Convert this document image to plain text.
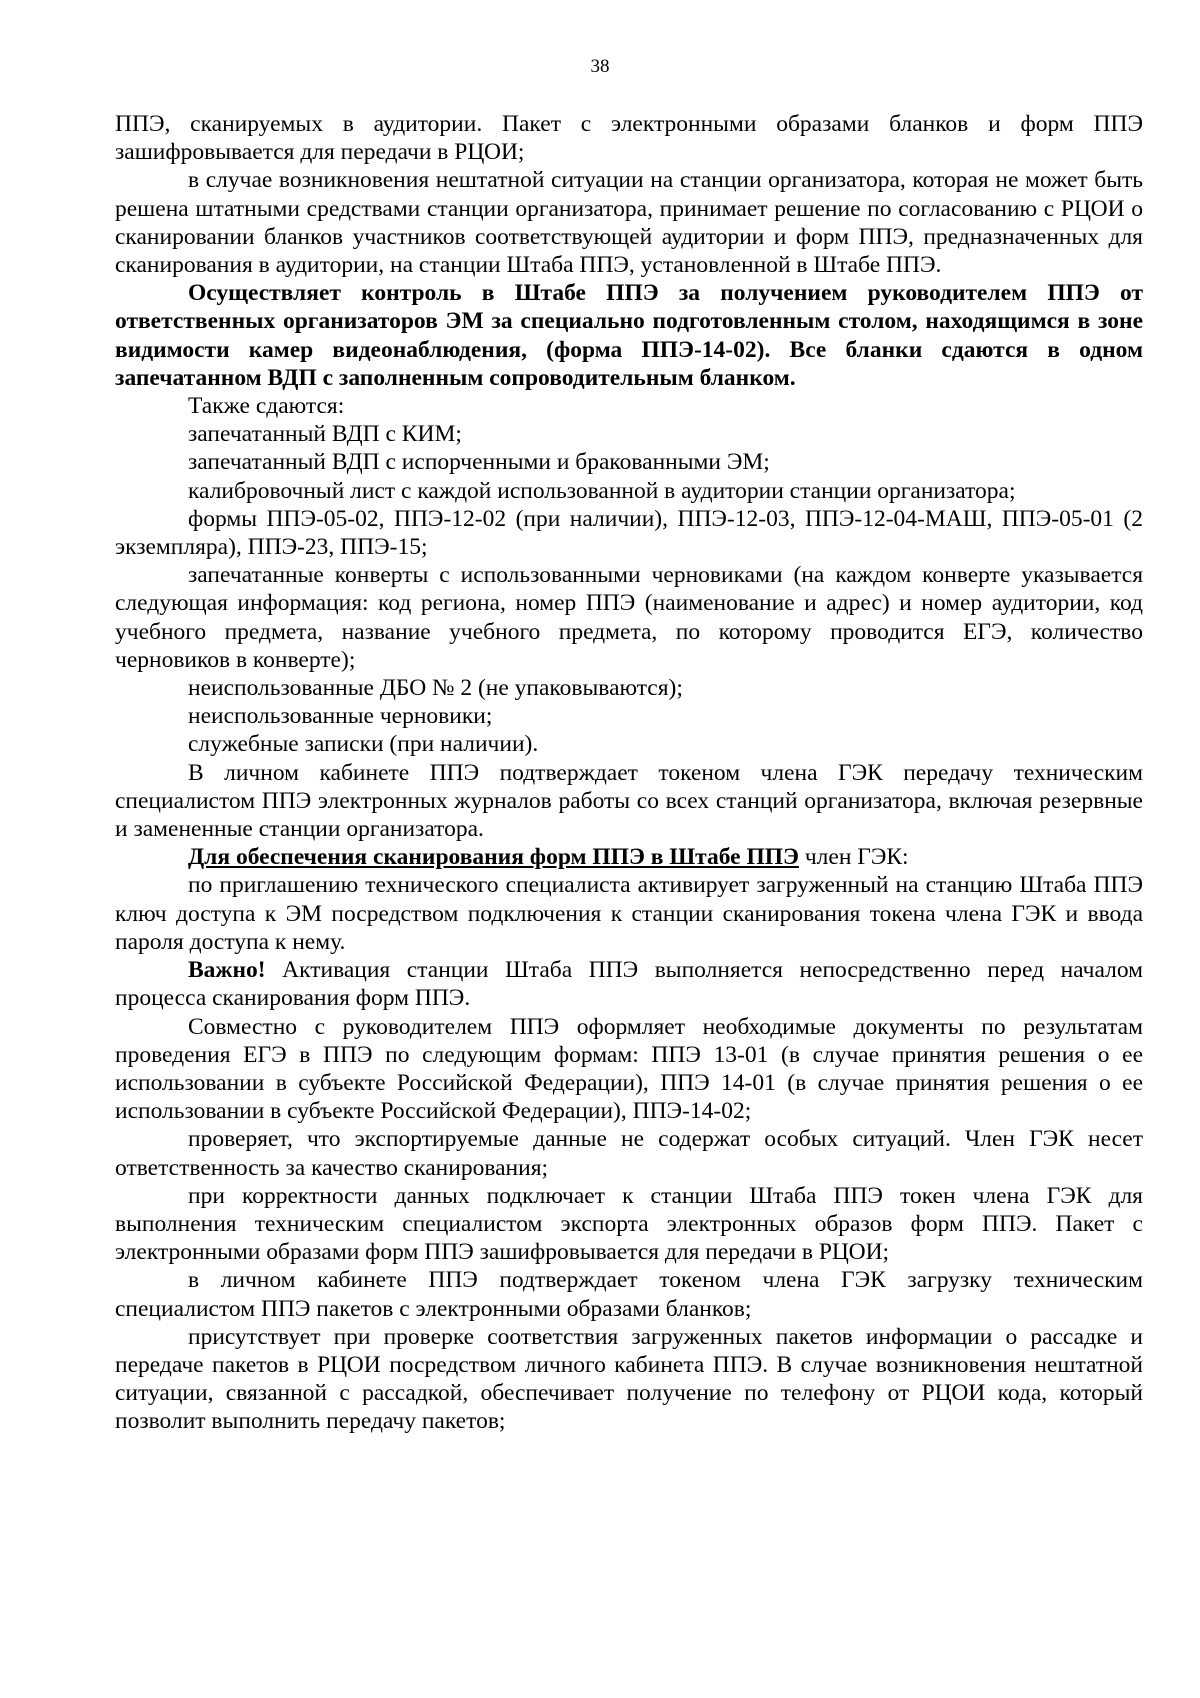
38

ППЭ, сканируемых в аудитории. Пакет с электронными образами бланков и форм ППЭ зашифровывается для передачи в РЦОИ;

в случае возникновения нештатной ситуации на станции организатора, которая не может быть решена штатными средствами станции организатора, принимает решение по согласованию с РЦОИ о сканировании бланков участников соответствующей аудитории и форм ППЭ, предназначенных для сканирования в аудитории, на станции Штаба ППЭ, установленной в Штабе ППЭ.

Осуществляет контроль в Штабе ППЭ за получением руководителем ППЭ от ответственных организаторов ЭМ за специально подготовленным столом, находящимся в зоне видимости камер видеонаблюдения, (форма ППЭ-14-02). Все бланки сдаются в одном запечатанном ВДП с заполненным сопроводительным бланком.

Также сдаются:

запечатанный ВДП с КИМ;

запечатанный ВДП с испорченными и бракованными ЭМ;

калибровочный лист с каждой использованной в аудитории станции организатора;

формы ППЭ-05-02, ППЭ-12-02 (при наличии), ППЭ-12-03, ППЭ-12-04-МАШ, ППЭ-05-01 (2 экземпляра), ППЭ-23, ППЭ-15;

запечатанные конверты с использованными черновиками (на каждом конверте указывается следующая информация: код региона, номер ППЭ (наименование и адрес) и номер аудитории, код учебного предмета, название учебного предмета, по которому проводится ЕГЭ, количество черновиков в конверте);

неиспользованные ДБО № 2 (не упаковываются);

неиспользованные черновики;

служебные записки (при наличии).

В личном кабинете ППЭ подтверждает токеном члена ГЭК передачу техническим специалистом ППЭ электронных журналов работы со всех станций организатора, включая резервные и замененные станции организатора.

Для обеспечения сканирования форм ППЭ в Штабе ППЭ член ГЭК:

по приглашению технического специалиста активирует загруженный на станцию Штаба ППЭ ключ доступа к ЭМ посредством подключения к станции сканирования токена члена ГЭК и ввода пароля доступа к нему.

Важно! Активация станции Штаба ППЭ выполняется непосредственно перед началом процесса сканирования форм ППЭ.

Совместно с руководителем ППЭ оформляет необходимые документы по результатам проведения ЕГЭ в ППЭ по следующим формам: ППЭ 13-01 (в случае принятия решения о ее использовании в субъекте Российской Федерации), ППЭ 14-01 (в случае принятия решения о ее использовании в субъекте Российской Федерации), ППЭ-14-02;

проверяет, что экспортируемые данные не содержат особых ситуаций. Член ГЭК несет ответственность за качество сканирования;

при корректности данных подключает к станции Штаба ППЭ токен члена ГЭК для выполнения техническим специалистом экспорта электронных образов форм ППЭ. Пакет с электронными образами форм ППЭ зашифровывается для передачи в РЦОИ;

в личном кабинете ППЭ подтверждает токеном члена ГЭК загрузку техническим специалистом ППЭ пакетов с электронными образами бланков;

присутствует при проверке соответствия загруженных пакетов информации о рассадке и передаче пакетов в РЦОИ посредством личного кабинета ППЭ. В случае возникновения нештатной ситуации, связанной с рассадкой, обеспечивает получение по телефону от РЦОИ кода, который позволит выполнить передачу пакетов;
